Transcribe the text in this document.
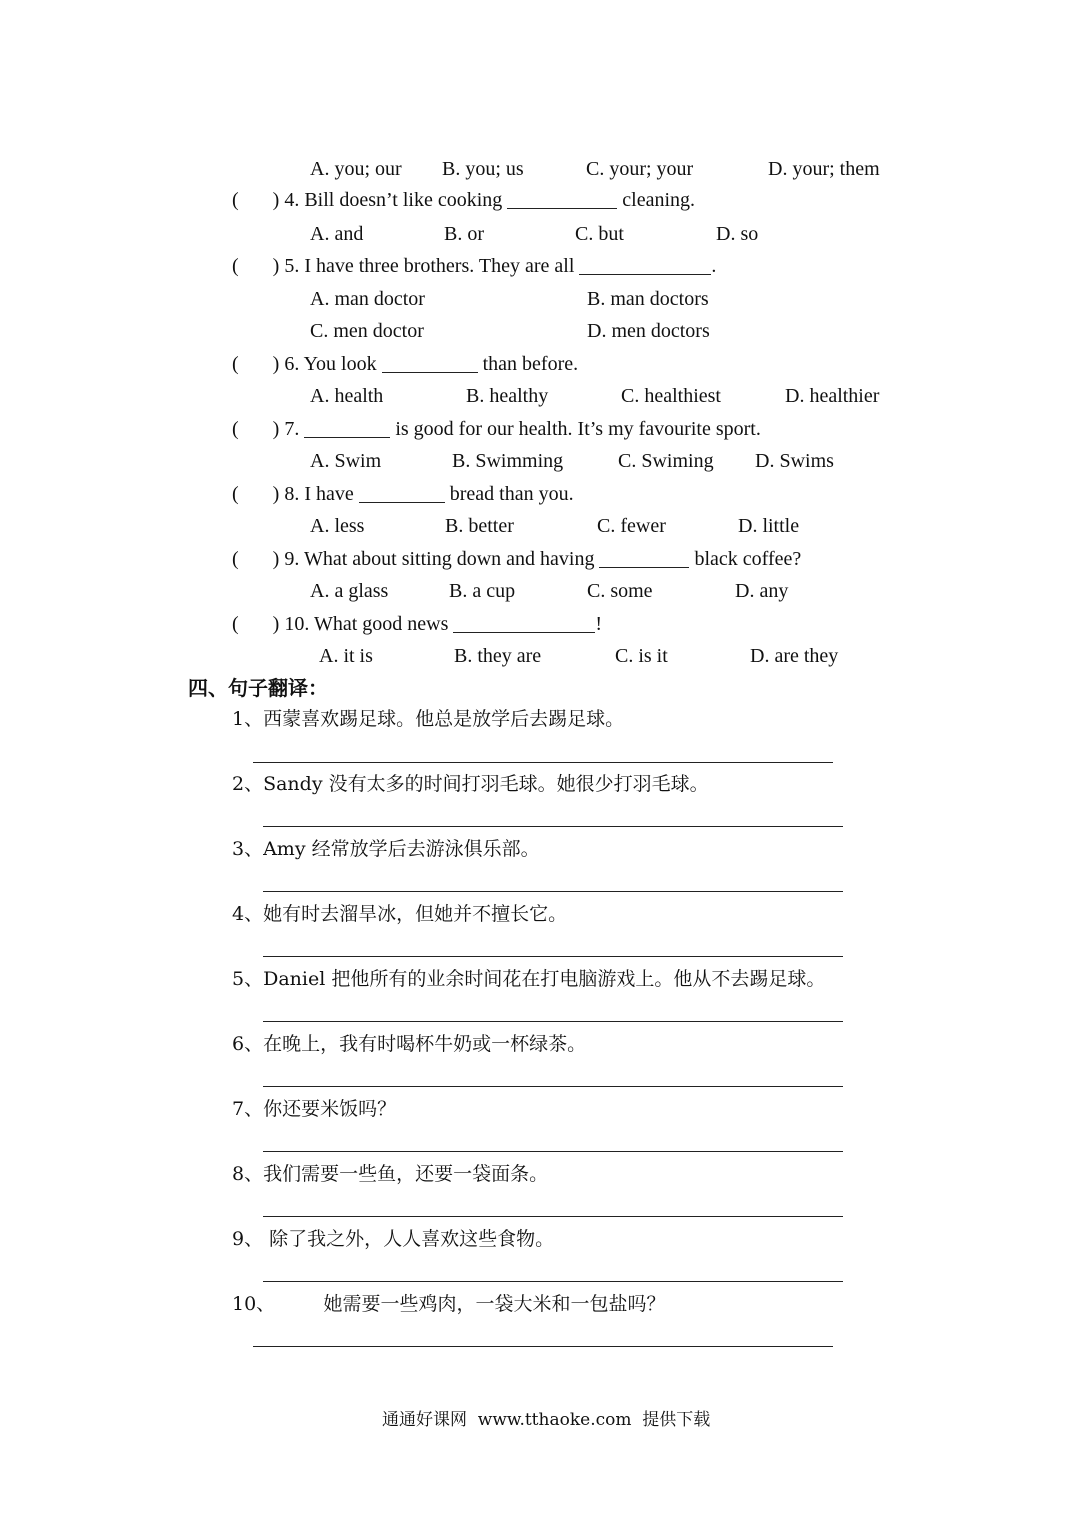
A. you; our B. you; us	C. your; your	D. your; them
( ) 4. Bill doesn’t like cooking	cleaning.
A. and	B. or	C. but	D. so
( ) 5. I have three brothers. They are all	.
A. man doctor	B. man doctors
C. men doctor	D. men doctors
( ) 6. You look	than before.
A. health	B. healthy	C. healthiest	D. healthier
( ) 7.	is good for our health. It’s my favourite sport.
A. Swim	B. Swimming	C. Swiming D. Swims
( ) 8. I have	bread than you.
A. less	B. better	C. fewer	D. little
( ) 9. What about sitting down and having	black coffee?
A. a glass	B. a cup	C. some	D. any
( ) 10. What good news	!
A. it is	B. they are	C. is it	D. are they
四、句子翻译：
1、西蒙喜欢踢足球。他总是放学后去踢足球。
2、Sandy 没有太多的时间打羽毛球。她很少打羽毛球。
3、Amy 经常放学后去游泳俱乐部。
4、她有时去溜旱冰，但她并不擅长它。
5、Daniel 把他所有的业余时间花在打电脑游戏上。他从不去踢足球。
6、在晚上，我有时喝杯牛奶或一杯绿茶。
7、你还要米饭吗？
8、我们需要一些鱼，还要一袋面条。
9、 除了我之外，人人喜欢这些食物。
10、        她需要一些鸡肉，一袋大米和一包盐吗？
通通好课网  www.tthaoke.com  提供下载
